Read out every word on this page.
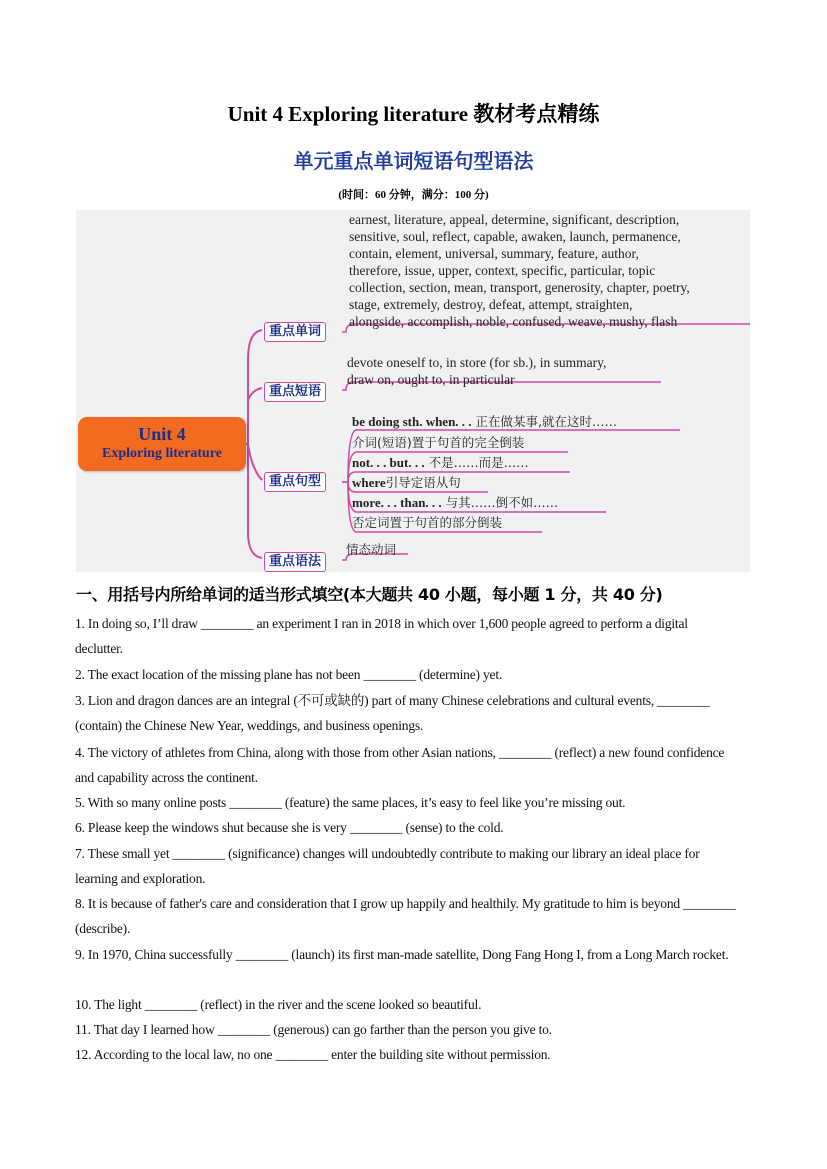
Unit 4 Exploring literature 教材考点精练
单元重点单词短语句型语法
(时间：60 分钟，满分：100 分)
Unit 4
Exploring literature
重点单词
重点短语
重点句型
重点语法
earnest, literature, appeal, determine, significant, description,
sensitive, soul, reflect, capable, awaken, launch, permanence,
contain, element, universal, summary, feature, author,
therefore, issue, upper, context, specific, particular, topic
collection, section, mean, transport, generosity, chapter, poetry,
stage, extremely, destroy, defeat, attempt, straighten,
alongside, accomplish, noble, confused, weave, mushy, flash
devote oneself to, in store (for sb.), in summary,
draw on, ought to, in particular
be doing sth. when. . . 正在做某事,就在这时……
介词(短语)置于句首的完全倒装
not. . . but. . . 不是……而是……
where引导定语从句
more. . . than. . . 与其……倒不如……
否定词置于句首的部分倒装
情态动词
一、用括号内所给单词的适当形式填空(本大题共 40 小题，每小题 1 分，共 40 分)
1. In doing so, I’ll draw ________ an experiment I ran in 2018 in which over 1,600 people agreed to perform a digital declutter.
2. The exact location of the missing plane has not been ________ (determine) yet.
3. Lion and dragon dances are an integral (不可或缺的) part of many Chinese celebrations and cultural events, ________ (contain) the Chinese New Year, weddings, and business openings.
4. The victory of athletes from China, along with those from other Asian nations, ________ (reflect) a new found confidence and capability across the continent.
5. With so many online posts ________ (feature) the same places, it’s easy to feel like you’re missing out.
6. Please keep the windows shut because she is very ________ (sense) to the cold.
7. These small yet ________ (significance) changes will undoubtedly contribute to making our library an ideal place for learning and exploration.
8. It is because of father's care and consideration that I grow up happily and healthily. My gratitude to him is beyond ________ (describe).
9. In 1970, China successfully ________ (launch) its first man-made satellite, Dong Fang Hong I, from a Long March rocket.
10. The light ________ (reflect) in the river and the scene looked so beautiful.
11. That day I learned how ________ (generous) can go farther than the person you give to.
12. According to the local law, no one ________ enter the building site without permission.
